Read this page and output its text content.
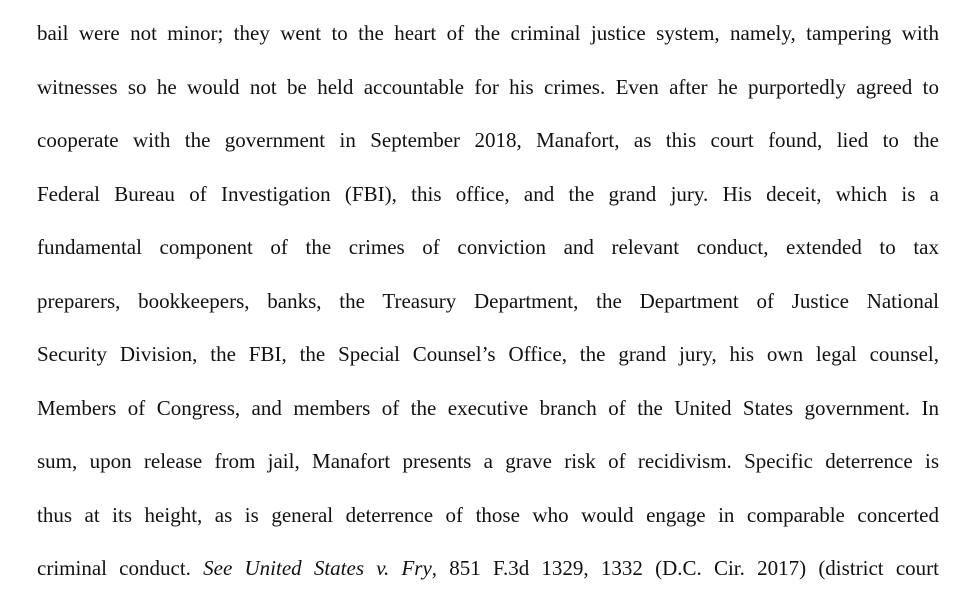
bail were not minor; they went to the heart of the criminal justice system, namely, tampering with
witnesses so he would not be held accountable for his crimes. Even after he purportedly agreed to
cooperate with the government in September 2018, Manafort, as this court found, lied to the
Federal Bureau of Investigation (FBI), this office, and the grand jury. His deceit, which is a
fundamental component of the crimes of conviction and relevant conduct, extended to tax
preparers, bookkeepers, banks, the Treasury Department, the Department of Justice National
Security Division, the FBI, the Special Counsel’s Office, the grand jury, his own legal counsel,
Members of Congress, and members of the executive branch of the United States government. In
sum, upon release from jail, Manafort presents a grave risk of recidivism. Specific deterrence is
thus at its height, as is general deterrence of those who would engage in comparable concerted
criminal conduct. See United States v. Fry, 851 F.3d 1329, 1332 (D.C. Cir. 2017) (district court
